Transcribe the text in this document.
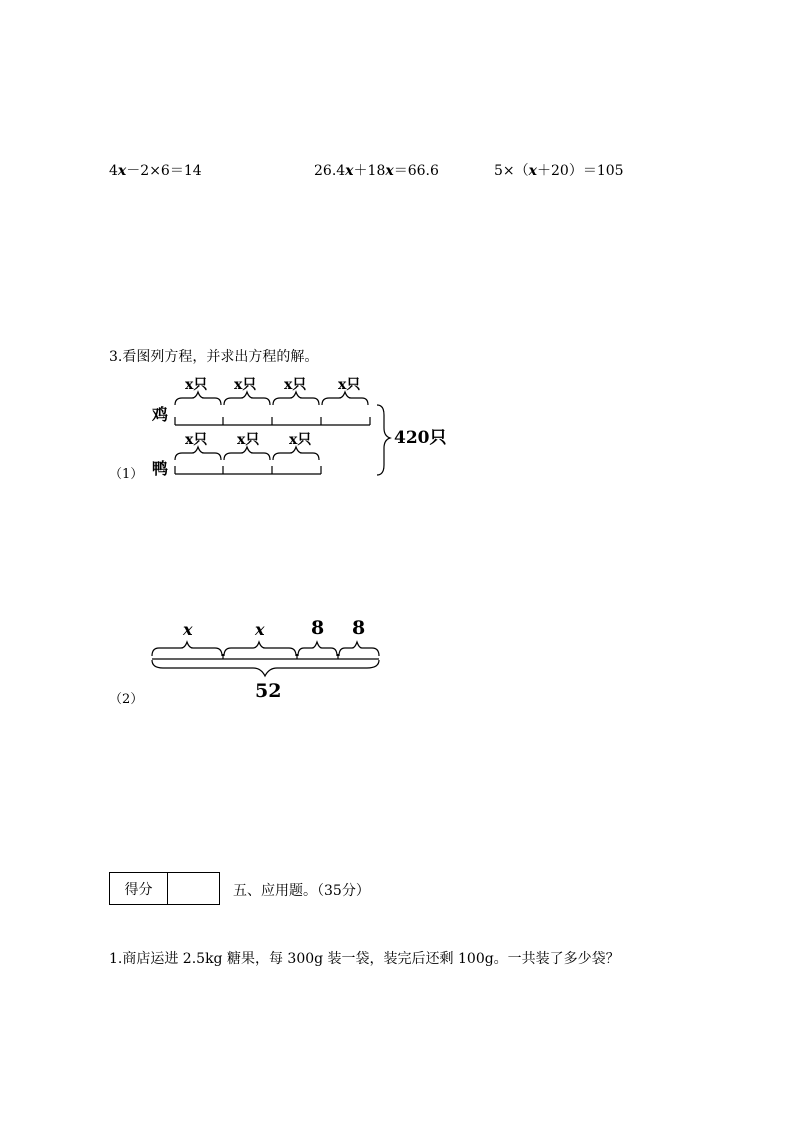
4x－2×6＝14	26.4x＋18x＝66.6	5×（x＋20）＝105
3.看图列方程，并求出方程的解。
x只 x只 x只 x只
x只 x只 x只
鸡
鸭
420只
（1）
x	x 8 8
52
（2）
得分	五、应用题。（35分）
1.商店运进 2.5kg 糖果，每 300g 装一袋，装完后还剩 100g。一共装了多少袋？
